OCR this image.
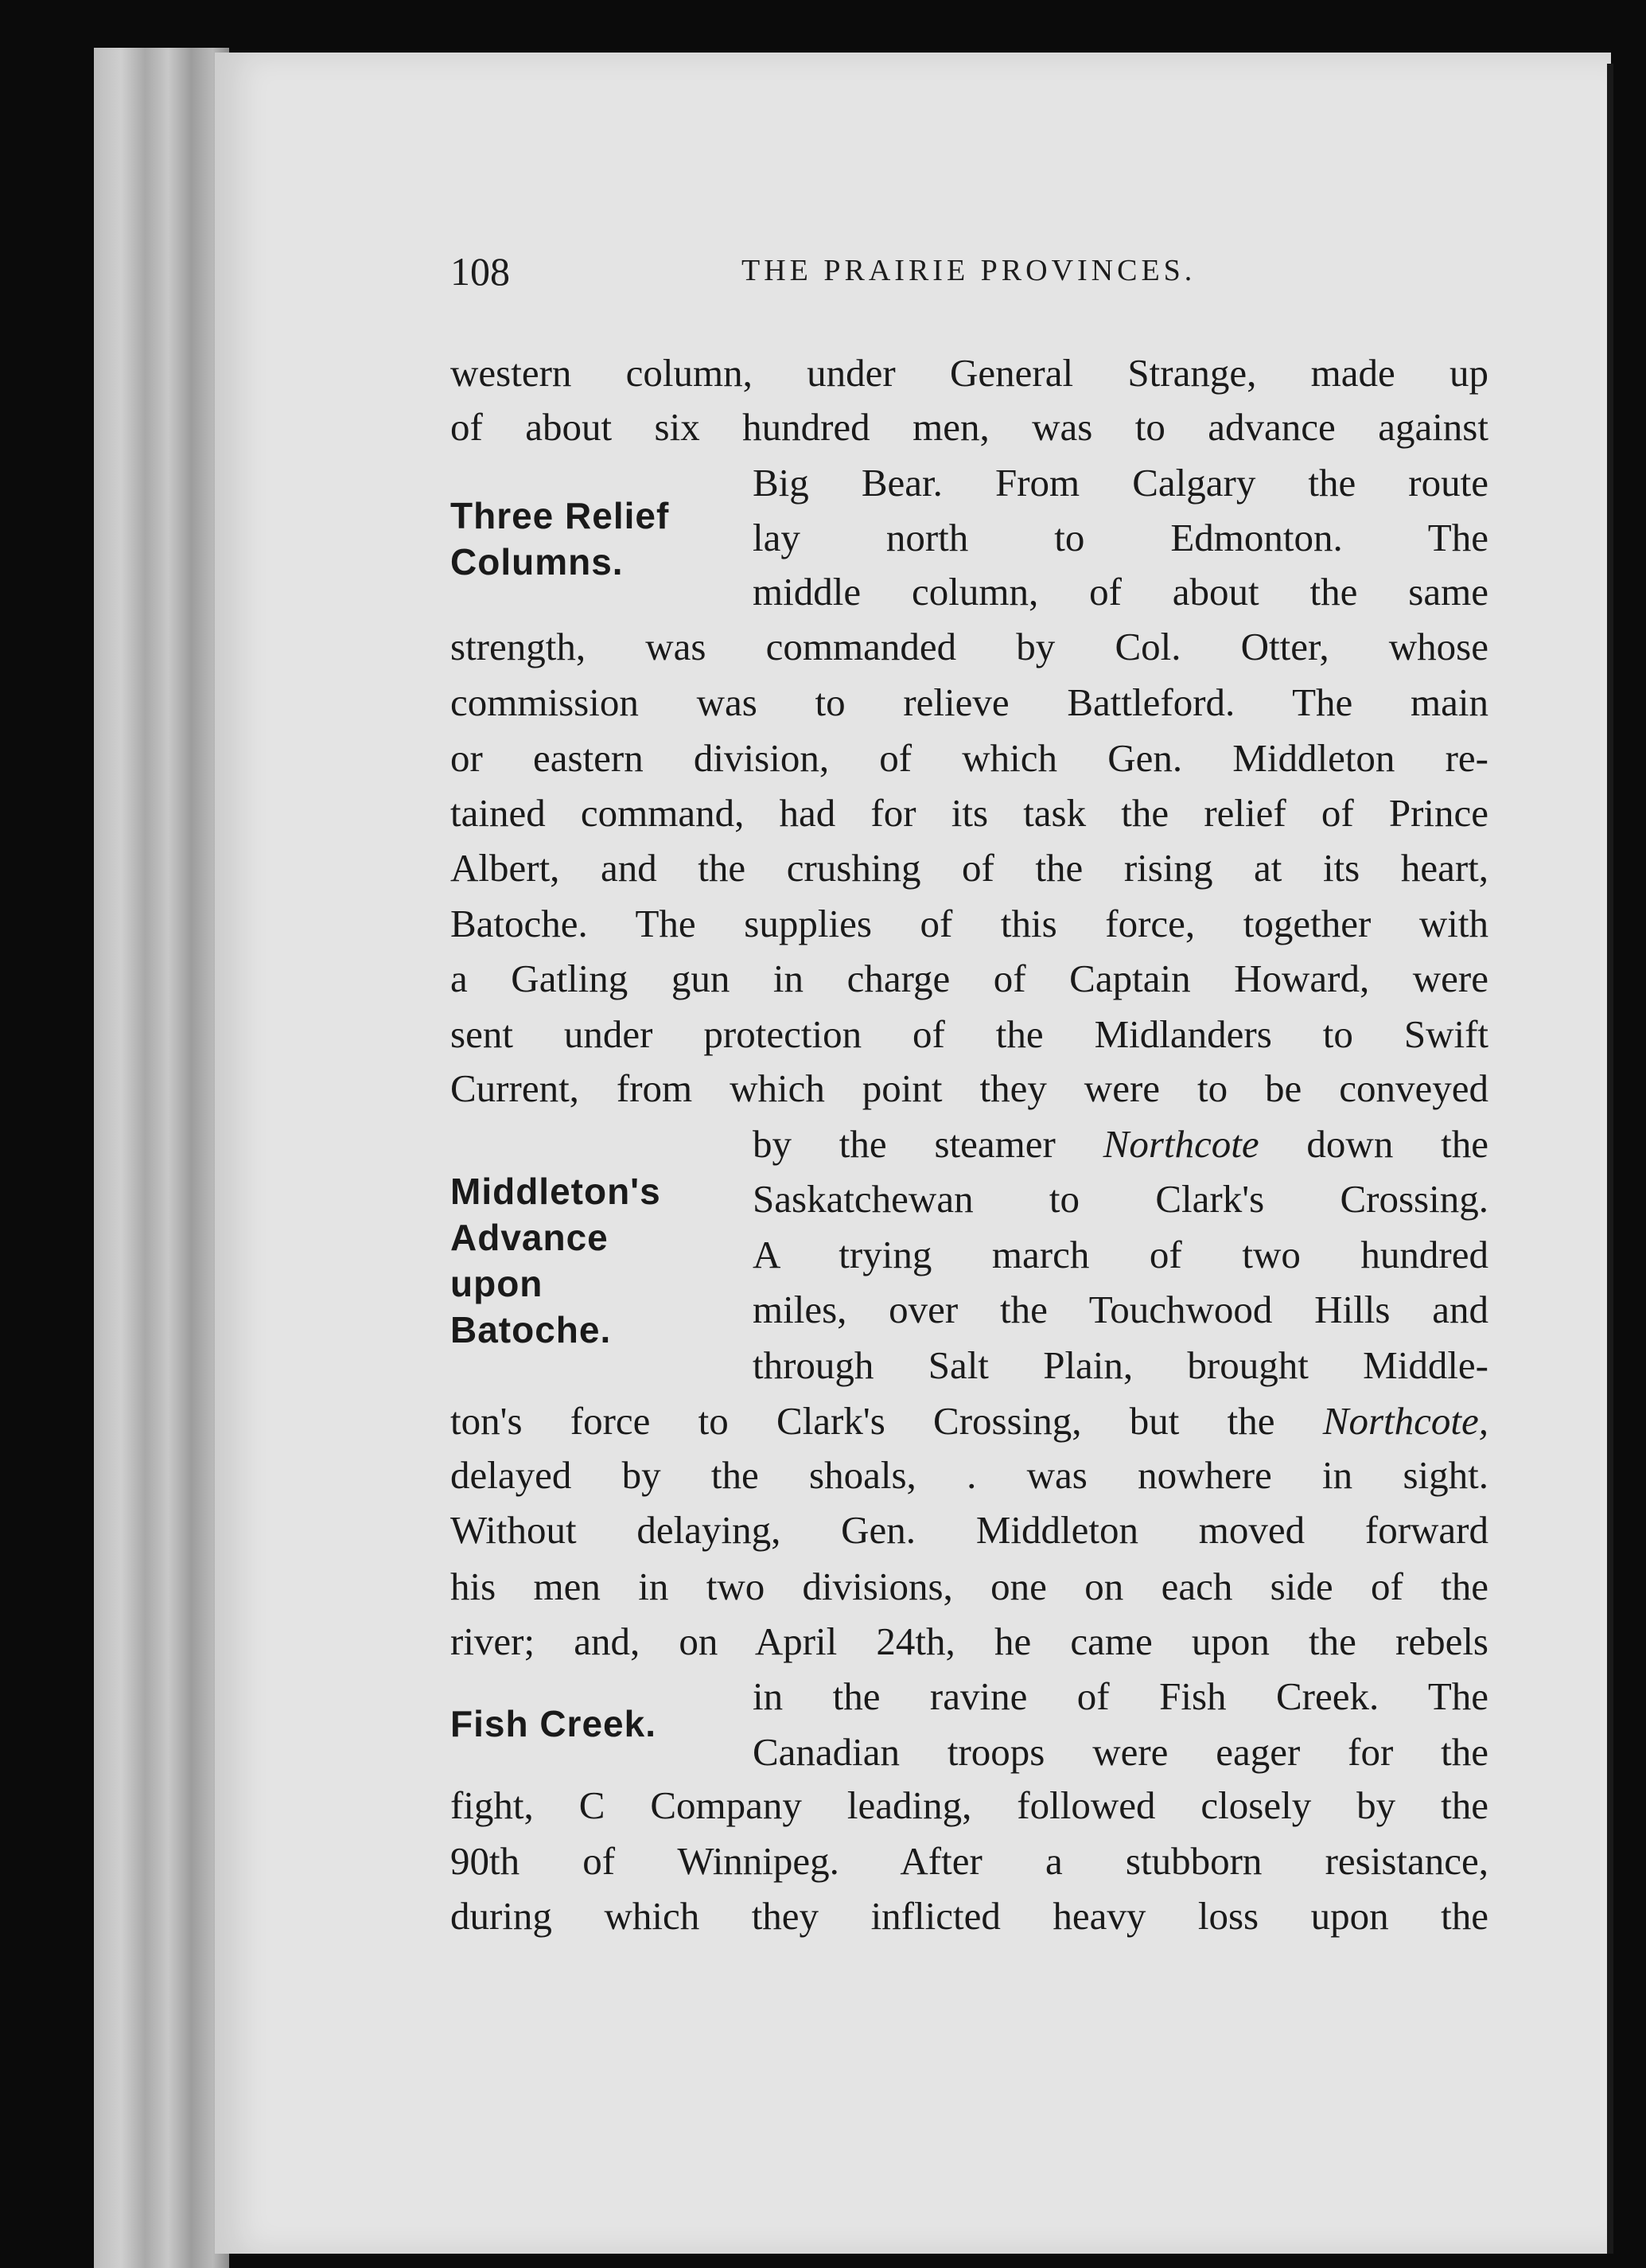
108	THE PRAIRIE PROVINCES.
western column, under General Strange, made up
of about six hundred men, was to advance against
Big Bear. From Calgary the route
lay north to Edmonton. The
middle column, of about the same
strength, was commanded by Col. Otter, whose
commission was to relieve Battleford. The main
or eastern division, of which Gen. Middleton re-
tained command, had for its task the relief of Prince
Albert, and the crushing of the rising at its heart,
Batoche. The supplies of this force, together with
a Gatling gun in charge of Captain Howard, were
sent under protection of the Midlanders to Swift
Current, from which point they were to be conveyed
by the steamer Northcote down the
Saskatchewan to Clark's Crossing.
A trying march of two hundred
miles, over the Touchwood Hills and
through Salt Plain, brought Middle-
ton's force to Clark's Crossing, but the Northcote,
delayed by the shoals, . was nowhere in sight.
Without delaying, Gen. Middleton moved forward
his men in two divisions, one on each side of the
river; and, on April 24th, he came upon the rebels
in the ravine of Fish Creek. The
Canadian troops were eager for the
fight, C Company leading, followed closely by the
90th of Winnipeg. After a stubborn resistance,
during which they inflicted heavy loss upon the
Three Relief
Columns.
Middleton's
Advance
upon
Batoche.
Fish Creek.
